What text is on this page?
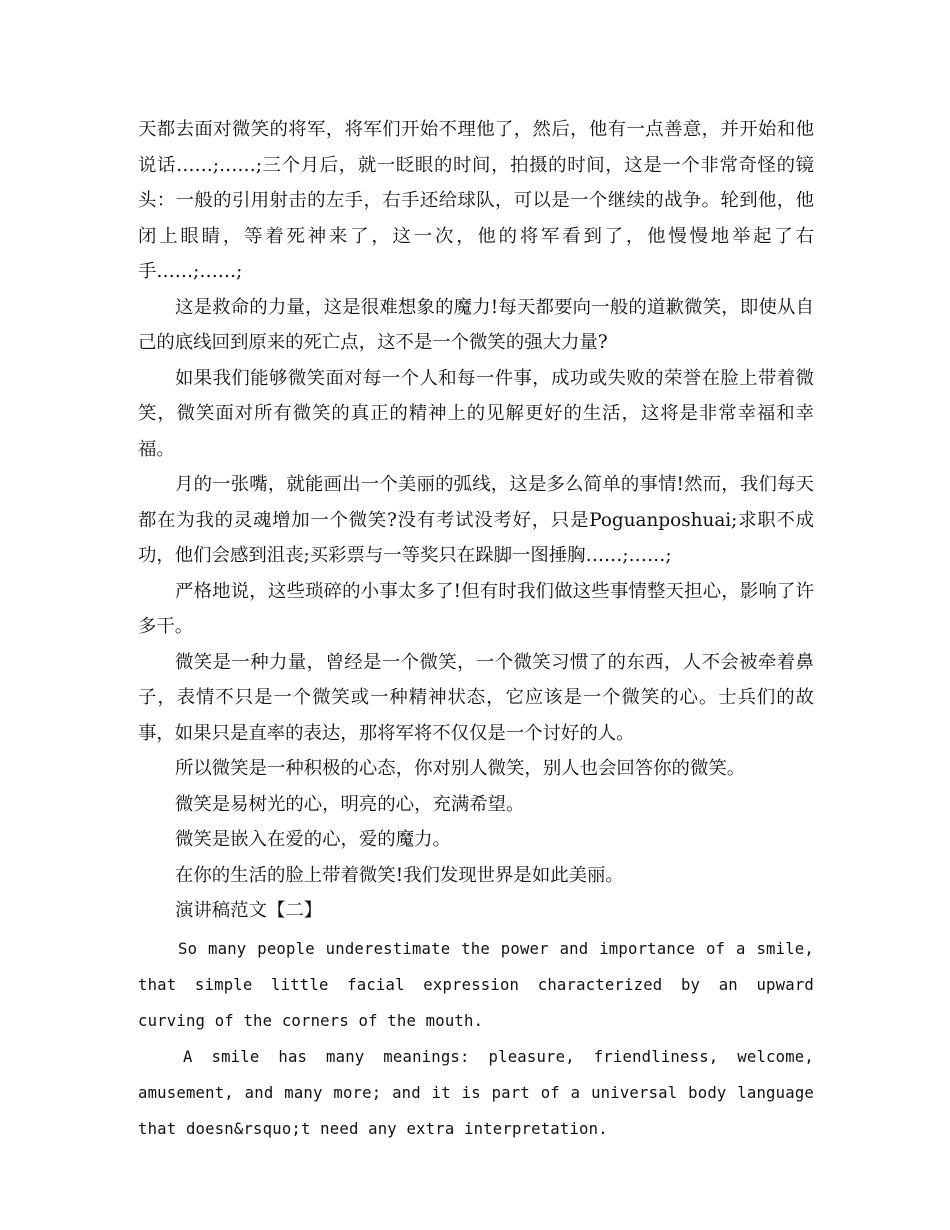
天都去面对微笑的将军，将军们开始不理他了，然后，他有一点善意，并开始和他说话……;……;三个月后，就一眨眼的时间，拍摄的时间，这是一个非常奇怪的镜头：一般的引用射击的左手，右手还给球队，可以是一个继续的战争。轮到他，他闭上眼睛，等着死神来了，这一次，他的将军看到了，他慢慢地举起了右手……;……;

这是救命的力量，这是很难想象的魔力!每天都要向一般的道歉微笑，即使从自己的底线回到原来的死亡点，这不是一个微笑的强大力量?

如果我们能够微笑面对每一个人和每一件事，成功或失败的荣誉在脸上带着微笑，微笑面对所有微笑的真正的精神上的见解更好的生活，这将是非常幸福和幸福。

月的一张嘴，就能画出一个美丽的弧线，这是多么简单的事情!然而，我们每天都在为我的灵魂增加一个微笑?没有考试没考好，只是Poguanposhuai;求职不成功，他们会感到沮丧;买彩票与一等奖只在跺脚一图捶胸……;……;

严格地说，这些琐碎的小事太多了!但有时我们做这些事情整天担心，影响了许多干。

微笑是一种力量，曾经是一个微笑，一个微笑习惯了的东西，人不会被牵着鼻子，表情不只是一个微笑或一种精神状态，它应该是一个微笑的心。士兵们的故事，如果只是直率的表达，那将军将不仅仅是一个讨好的人。

所以微笑是一种积极的心态，你对别人微笑，别人也会回答你的微笑。

微笑是易树光的心，明亮的心，充满希望。

微笑是嵌入在爱的心，爱的魔力。

在你的生活的脸上带着微笑!我们发现世界是如此美丽。

演讲稿范文【二】

So many people underestimate the power and importance of a smile, that simple little facial expression characterized by an upward curving of the corners of the mouth.

A smile has many meanings: pleasure, friendliness, welcome, amusement, and many more; and it is part of a universal body language that doesn&rsquo;t need any extra interpretation.
